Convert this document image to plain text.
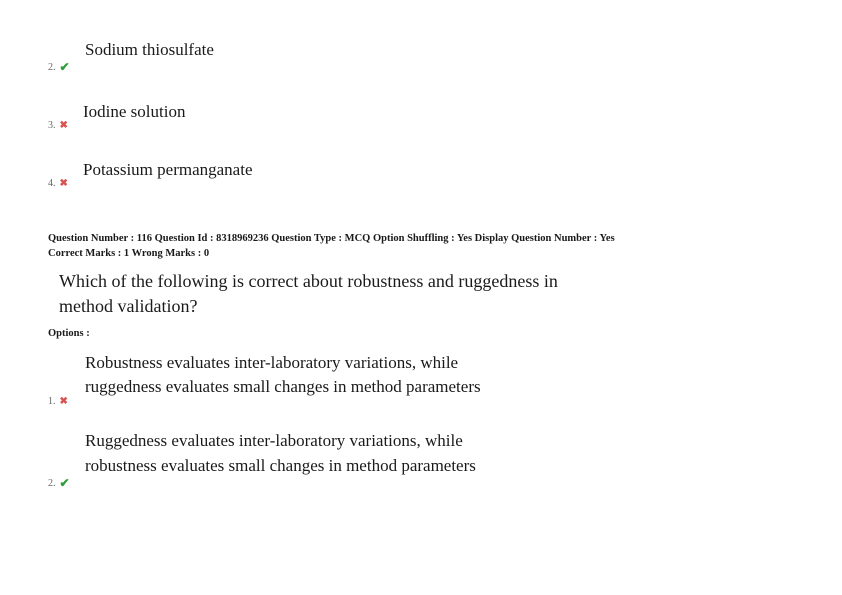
Sodium thiosulfate
2. ✔
Iodine solution
3. ✖
Potassium permanganate
4. ✖
Question Number : 116 Question Id : 8318969236 Question Type : MCQ Option Shuffling : Yes Display Question Number : Yes
Correct Marks : 1 Wrong Marks : 0
Which of the following is correct about robustness and ruggedness in
method validation?
Options :
Robustness evaluates inter-laboratory variations, while
ruggedness evaluates small changes in method parameters
1. ✖
Ruggedness evaluates inter-laboratory variations, while
robustness evaluates small changes in method parameters
2. ✔
